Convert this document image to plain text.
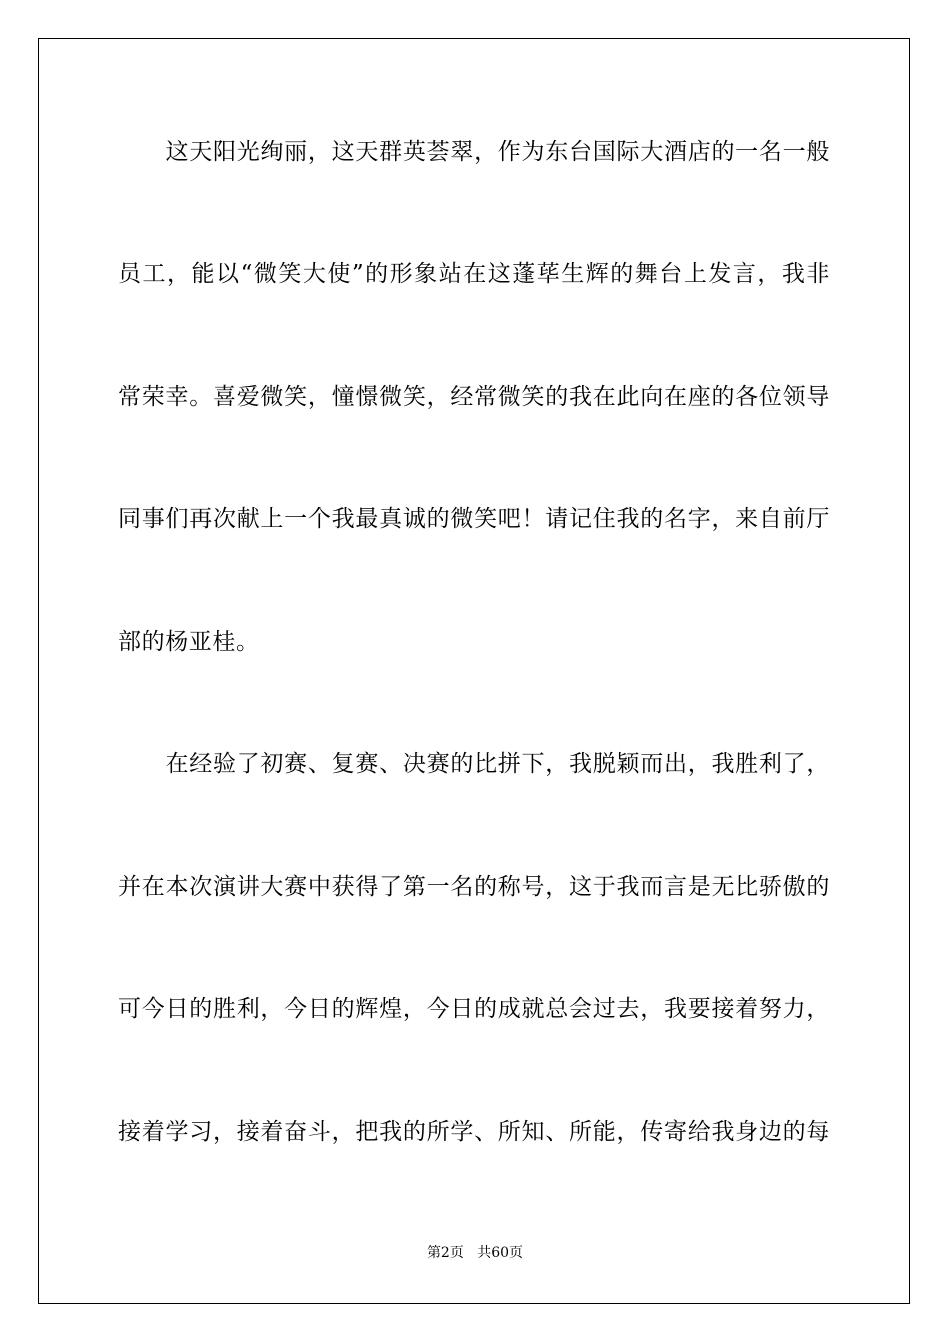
　　这天阳光绚丽，这天群英荟翠，作为东台国际大酒店的一名一般
员工，能以“微笑大使”的形象站在这蓬荜生辉的舞台上发言，我非
常荣幸。喜爱微笑，憧憬微笑，经常微笑的我在此向在座的各位领导
同事们再次献上一个我最真诚的微笑吧！请记住我的名字，来自前厅
部的杨亚桂。
　　在经验了初赛、复赛、决赛的比拼下，我脱颖而出，我胜利了，
并在本次演讲大赛中获得了第一名的称号，这于我而言是无比骄傲的
可今日的胜利，今日的辉煌，今日的成就总会过去，我要接着努力，
接着学习，接着奋斗，把我的所学、所知、所能，传寄给我身边的每
第2页 共60页
